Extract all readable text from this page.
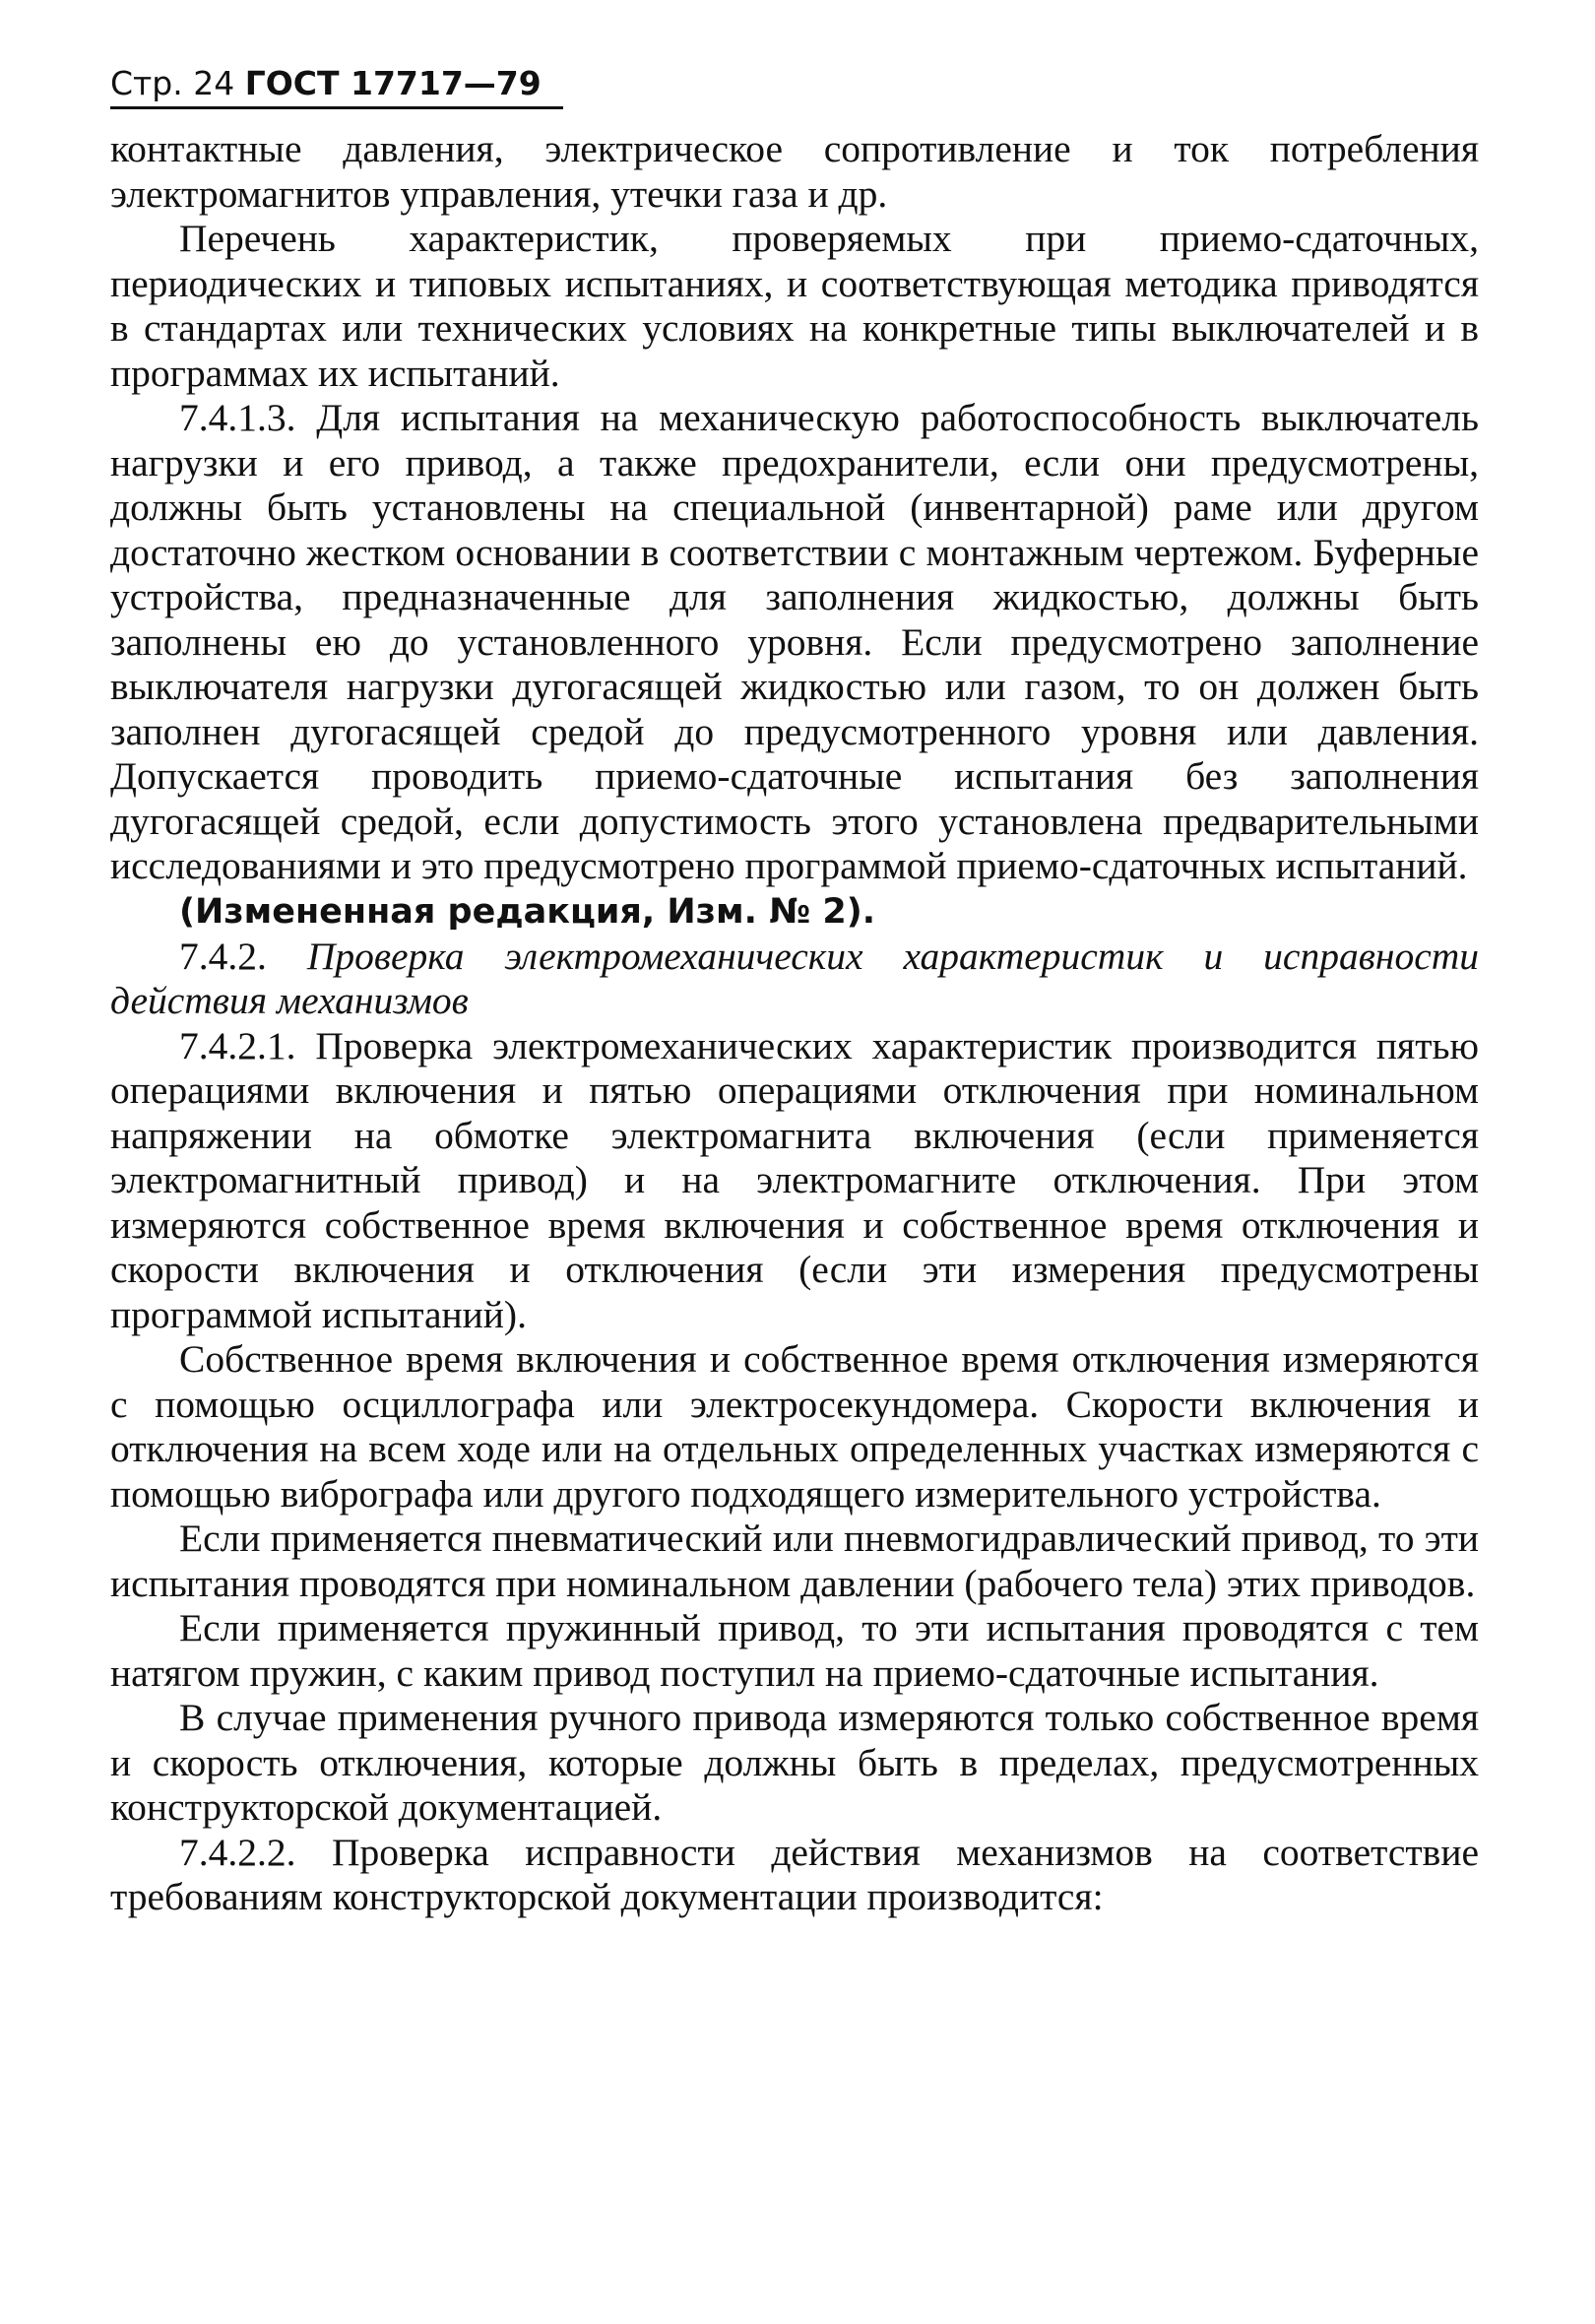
Стр. 24 ГОСТ 17717—79

контактные давления, электрическое сопротивлениe и ток потребления электромагнитов управления, утечки газа и др.

Перечень характеристик, проверяемых при приемо-сдаточных, периодических и типовых испытаниях, и соответствующая методика приводятся в стандартах или технических условиях на конкретные типы выключателей и в программах их испытаний.

7.4.1.3. Для испытания на механическую работоспособность выключатель нагрузки и его привод, а также предохранители, если они предусмотрены, должны быть установлены на специальной (инвентарной) раме или другом достаточно жестком основании в соответствии с монтажным чертежом. Буферные устройства, предназначенные для заполнения жидкостью, должны быть заполнены ею до установленного уровня. Если предусмотрено заполнение выключателя нагрузки дугогасящей жидкостью или газом, то он должен быть заполнен дугогасящей средой до предусмотренного уровня или давления. Допускается проводить приемо-сдаточные испытания без заполнения дугогасящей средой, если допустимость этого установлена предварительными исследованиями и это предусмотрено программой приемо-сдаточных испытаний.

(Измененная редакция, Изм. № 2).

7.4.2. Проверка электромеханических характеристик и исправности действия механизмов

7.4.2.1. Проверка электромеханических характеристик производится пятью операциями включения и пятью операциями отключения при номинальном напряжении на обмотке электромагнита включения (если применяется электромагнитный привод) и на электромагните отключения. При этом измеряются собственное время включения и собственное время отключения и скорости включения и отключения (если эти измерения предусмотрены программой испытаний).

Собственное время включения и собственное время отключения измеряются с помощью осциллографа или электросекундомера. Скорости включения и отключения на всем ходе или на отдельных определенных участках измеряются с помощью вибрографа или другого подходящего измерительного устройства.

Если применяется пневматический или пневмогидравлический привод, то эти испытания проводятся при номинальном давлении (рабочего тела) этих приводов.

Если применяется пружинный привод, то эти испытания проводятся с тем натягом пружин, с каким привод поступил на приемо-сдаточные испытания.

В случае применения ручного привода измеряются только собственное время и скорость отключения, которые должны быть в пределах, предусмотренных конструкторской документацией.

7.4.2.2. Проверка исправности действия механизмов на соответствие требованиям конструкторской документации производится:
